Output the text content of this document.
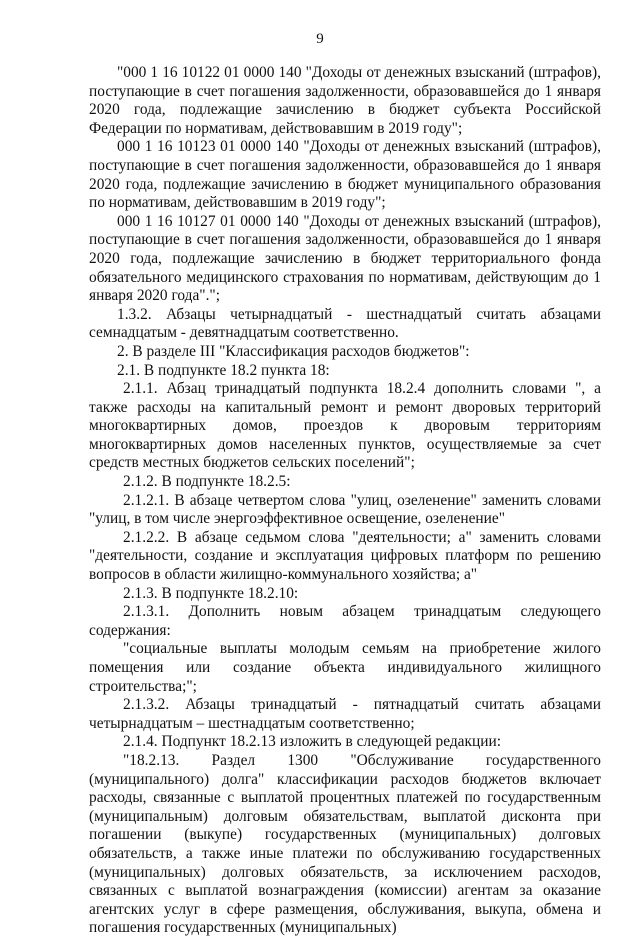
9

"000 1 16 10122 01 0000 140 "Доходы от денежных взысканий (штрафов), поступающие в счет погашения задолженности, образовавшейся до 1 января 2020 года, подлежащие зачислению в бюджет субъекта Российской Федерации по нормативам, действовавшим в 2019 году";

000 1 16 10123 01 0000 140 "Доходы от денежных взысканий (штрафов), поступающие в счет погашения задолженности, образовавшейся до 1 января 2020 года, подлежащие зачислению в бюджет муниципального образования по нормативам, действовавшим в 2019 году";

000 1 16 10127 01 0000 140 "Доходы от денежных взысканий (штрафов), поступающие в счет погашения задолженности, образовавшейся до 1 января 2020 года, подлежащие зачислению в бюджет территориального фонда обязательного медицинского страхования по нормативам, действующим до 1 января 2020 года".";

1.3.2. Абзацы четырнадцатый - шестнадцатый считать абзацами семнадцатым - девятнадцатым соответственно.

2. В разделе III "Классификация расходов бюджетов":

2.1. В подпункте 18.2 пункта 18:

2.1.1. Абзац тринадцатый подпункта 18.2.4 дополнить словами ", а также расходы на капитальный ремонт и ремонт дворовых территорий многоквартирных домов, проездов к дворовым территориям многоквартирных домов населенных пунктов, осуществляемые за счет средств местных бюджетов сельских поселений";

2.1.2. В подпункте 18.2.5:

2.1.2.1. В абзаце четвертом слова "улиц, озеленение" заменить словами "улиц, в том числе энергоэффективное освещение, озеленение"

2.1.2.2. В абзаце седьмом слова "деятельности; а" заменить словами "деятельности, создание и эксплуатация цифровых платформ по решению вопросов в области жилищно-коммунального хозяйства; а"

2.1.3. В подпункте 18.2.10:

2.1.3.1. Дополнить новым абзацем тринадцатым следующего содержания:

"социальные выплаты молодым семьям на приобретение жилого помещения или создание объекта индивидуального жилищного строительства;";

2.1.3.2. Абзацы тринадцатый - пятнадцатый считать абзацами четырнадцатым – шестнадцатым соответственно;

2.1.4. Подпункт 18.2.13 изложить в следующей редакции:

"18.2.13. Раздел 1300 "Обслуживание государственного (муниципального) долга" классификации расходов бюджетов включает расходы, связанные с выплатой процентных платежей по государственным (муниципальным) долговым обязательствам, выплатой дисконта при погашении (выкупе) государственных (муниципальных) долговых обязательств, а также иные платежи по обслуживанию государственных (муниципальных) долговых обязательств, за исключением расходов, связанных с выплатой вознаграждения (комиссии) агентам за оказание агентских услуг в сфере размещения, обслуживания, выкупа, обмена и погашения государственных (муниципальных)
